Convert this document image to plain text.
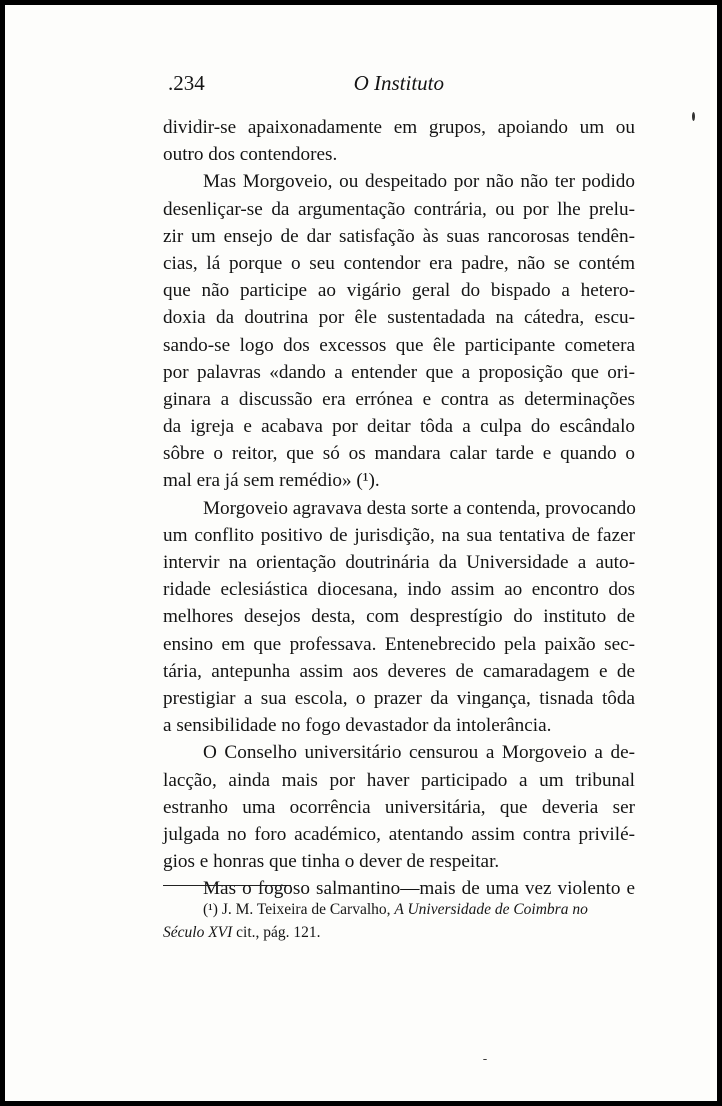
.234	O Instituto
dividir-se apaixonadamente em grupos, apoiando um ou
outro dos contendores.
Mas Morgoveio, ou despeitado por não não ter podido
desenliçar-se da argumentação contrária, ou por lhe prelu-
zir um ensejo de dar satisfação às suas rancorosas tendên-
cias, lá porque o seu contendor era padre, não se contém
que não participe ao vigário geral do bispado a hetero-
doxia da doutrina por êle sustentadada na cátedra, escu-
sando-se logo dos excessos que êle participante cometera
por palavras «dando a entender que a proposição que ori-
ginara a discussão era errónea e contra as determinações
da igreja e acabava por deitar tôda a culpa do escândalo
sôbre o reitor, que só os mandara calar tarde e quando o
mal era já sem remédio» (¹).
Morgoveio agravava desta sorte a contenda, provocando
um conflito positivo de jurisdição, na sua tentativa de fazer
intervir na orientação doutrinária da Universidade a auto-
ridade eclesiástica diocesana, indo assim ao encontro dos
melhores desejos desta, com desprestígio do instituto de
ensino em que professava. Entenebrecido pela paixão sec-
tária, antepunha assim aos deveres de camaradagem e de
prestigiar a sua escola, o prazer da vingança, tisnada tôda
a sensibilidade no fogo devastador da intolerância.
O Conselho universitário censurou a Morgoveio a de-
lacção, ainda mais por haver participado a um tribunal
estranho uma ocorrência universitária, que deveria ser
julgada no foro académico, atentando assim contra privilé-
gios e honras que tinha o dever de respeitar.
Mas o fogoso salmantino—mais de uma vez violento e
(¹) J. M. Teixeira de Carvalho, A Universidade de Coimbra no
Século XVI cit., pág. 121.
